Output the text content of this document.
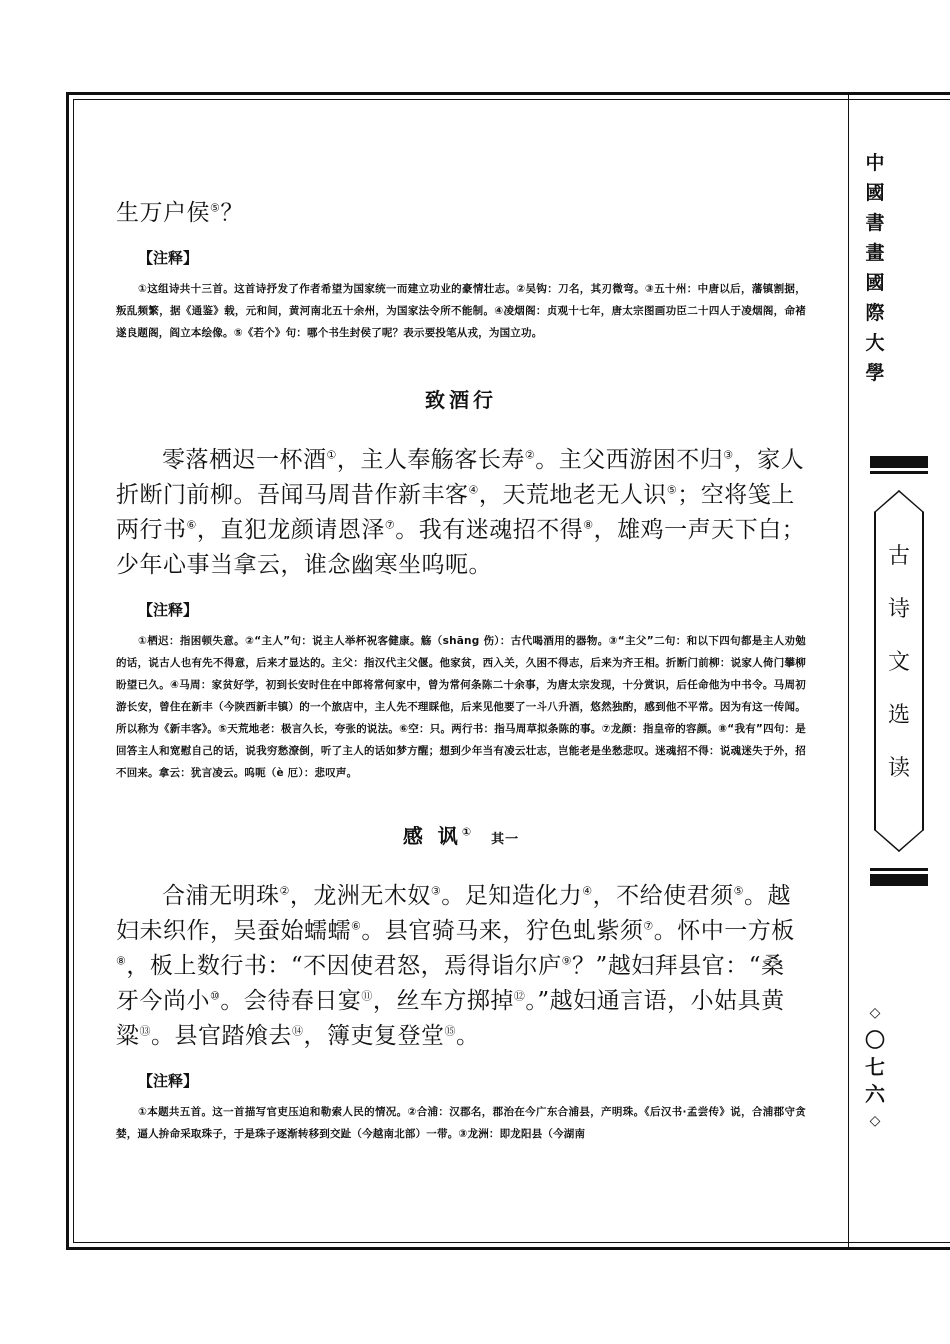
中
國
書
畫
國
際
大
學
古
诗
文
选
读
◇
〇
七
六
◇

生万户侯⑤？

【注释】

①这组诗共十三首。这首诗抒发了作者希望为国家统一而建立功业的豪情壮志。②吴钩：刀名，其刃微弯。③五十州：中唐以后，藩镇割据，叛乱频繁，据《通鉴》载，元和间，黄河南北五十余州，为国家法令所不能制。④凌烟阁：贞观十七年，唐太宗图画功臣二十四人于凌烟阁，命褚遂良题阁，阎立本绘像。⑤《若个》句：哪个书生封侯了呢？表示要投笔从戎，为国立功。

致酒行

零落栖迟一杯酒①，主人奉觞客长寿②。主父西游困不归③，家人折断门前柳。吾闻马周昔作新丰客④，天荒地老无人识⑤；空将笺上两行书⑥，直犯龙颜请恩泽⑦。我有迷魂招不得⑧，雄鸡一声天下白；少年心事当拿云，谁念幽寒坐呜呃。

【注释】

①栖迟：指困顿失意。②“主人”句：说主人举杯祝客健康。觞（shāng 伤）：古代喝酒用的器物。③“主父”二句：和以下四句都是主人劝勉的话，说古人也有先不得意，后来才显达的。主父：指汉代主父偃。他家贫，西入关，久困不得志，后来为齐王相。折断门前柳：说家人倚门攀柳盼望已久。④马周：家贫好学，初到长安时住在中郎将常何家中，曾为常何条陈二十余事，为唐太宗发现，十分赏识，后任命他为中书令。马周初游长安，曾住在新丰（今陕西新丰镇）的一个旅店中，主人先不理睬他，后来见他要了一斗八升酒，悠然独酌，感到他不平常。因为有这一传闻。所以称为《新丰客》。⑤天荒地老：极言久长，夸张的说法。⑥空：只。两行书：指马周草拟条陈的事。⑦龙颜：指皇帝的容颜。⑧“我有”四句：是回答主人和宽慰自己的话，说我穷愁潦倒，听了主人的话如梦方醒；想到少年当有凌云壮志，岂能老是坐愁悲叹。迷魂招不得：说魂迷失于外，招不回来。拿云：犹言凌云。呜呃（è 厄）：悲叹声。

感 讽①其一

合浦无明珠②，龙洲无木奴③。足知造化力④，不给使君须⑤。越妇未织作，吴蚕始蠕蠕⑥。县官骑马来，狞色虬紫须⑦。怀中一方板⑧，板上数行书：“不因使君怒，焉得诣尔庐⑨？”越妇拜县官：“桑牙今尚小⑩。会待春日宴⑪，丝车方掷掉⑫。”越妇通言语，小姑具黄粱⑬。县官踏飧去⑭，簿吏复登堂⑮。

【注释】

①本题共五首。这一首描写官吏压迫和勒索人民的情况。②合浦：汉郡名，郡治在今广东合浦县，产明珠。《后汉书·孟尝传》说，合浦郡守贪婪，逼人拚命采取珠子，于是珠子逐渐转移到交趾（今越南北部）一带。③龙洲：即龙阳县（今湖南
